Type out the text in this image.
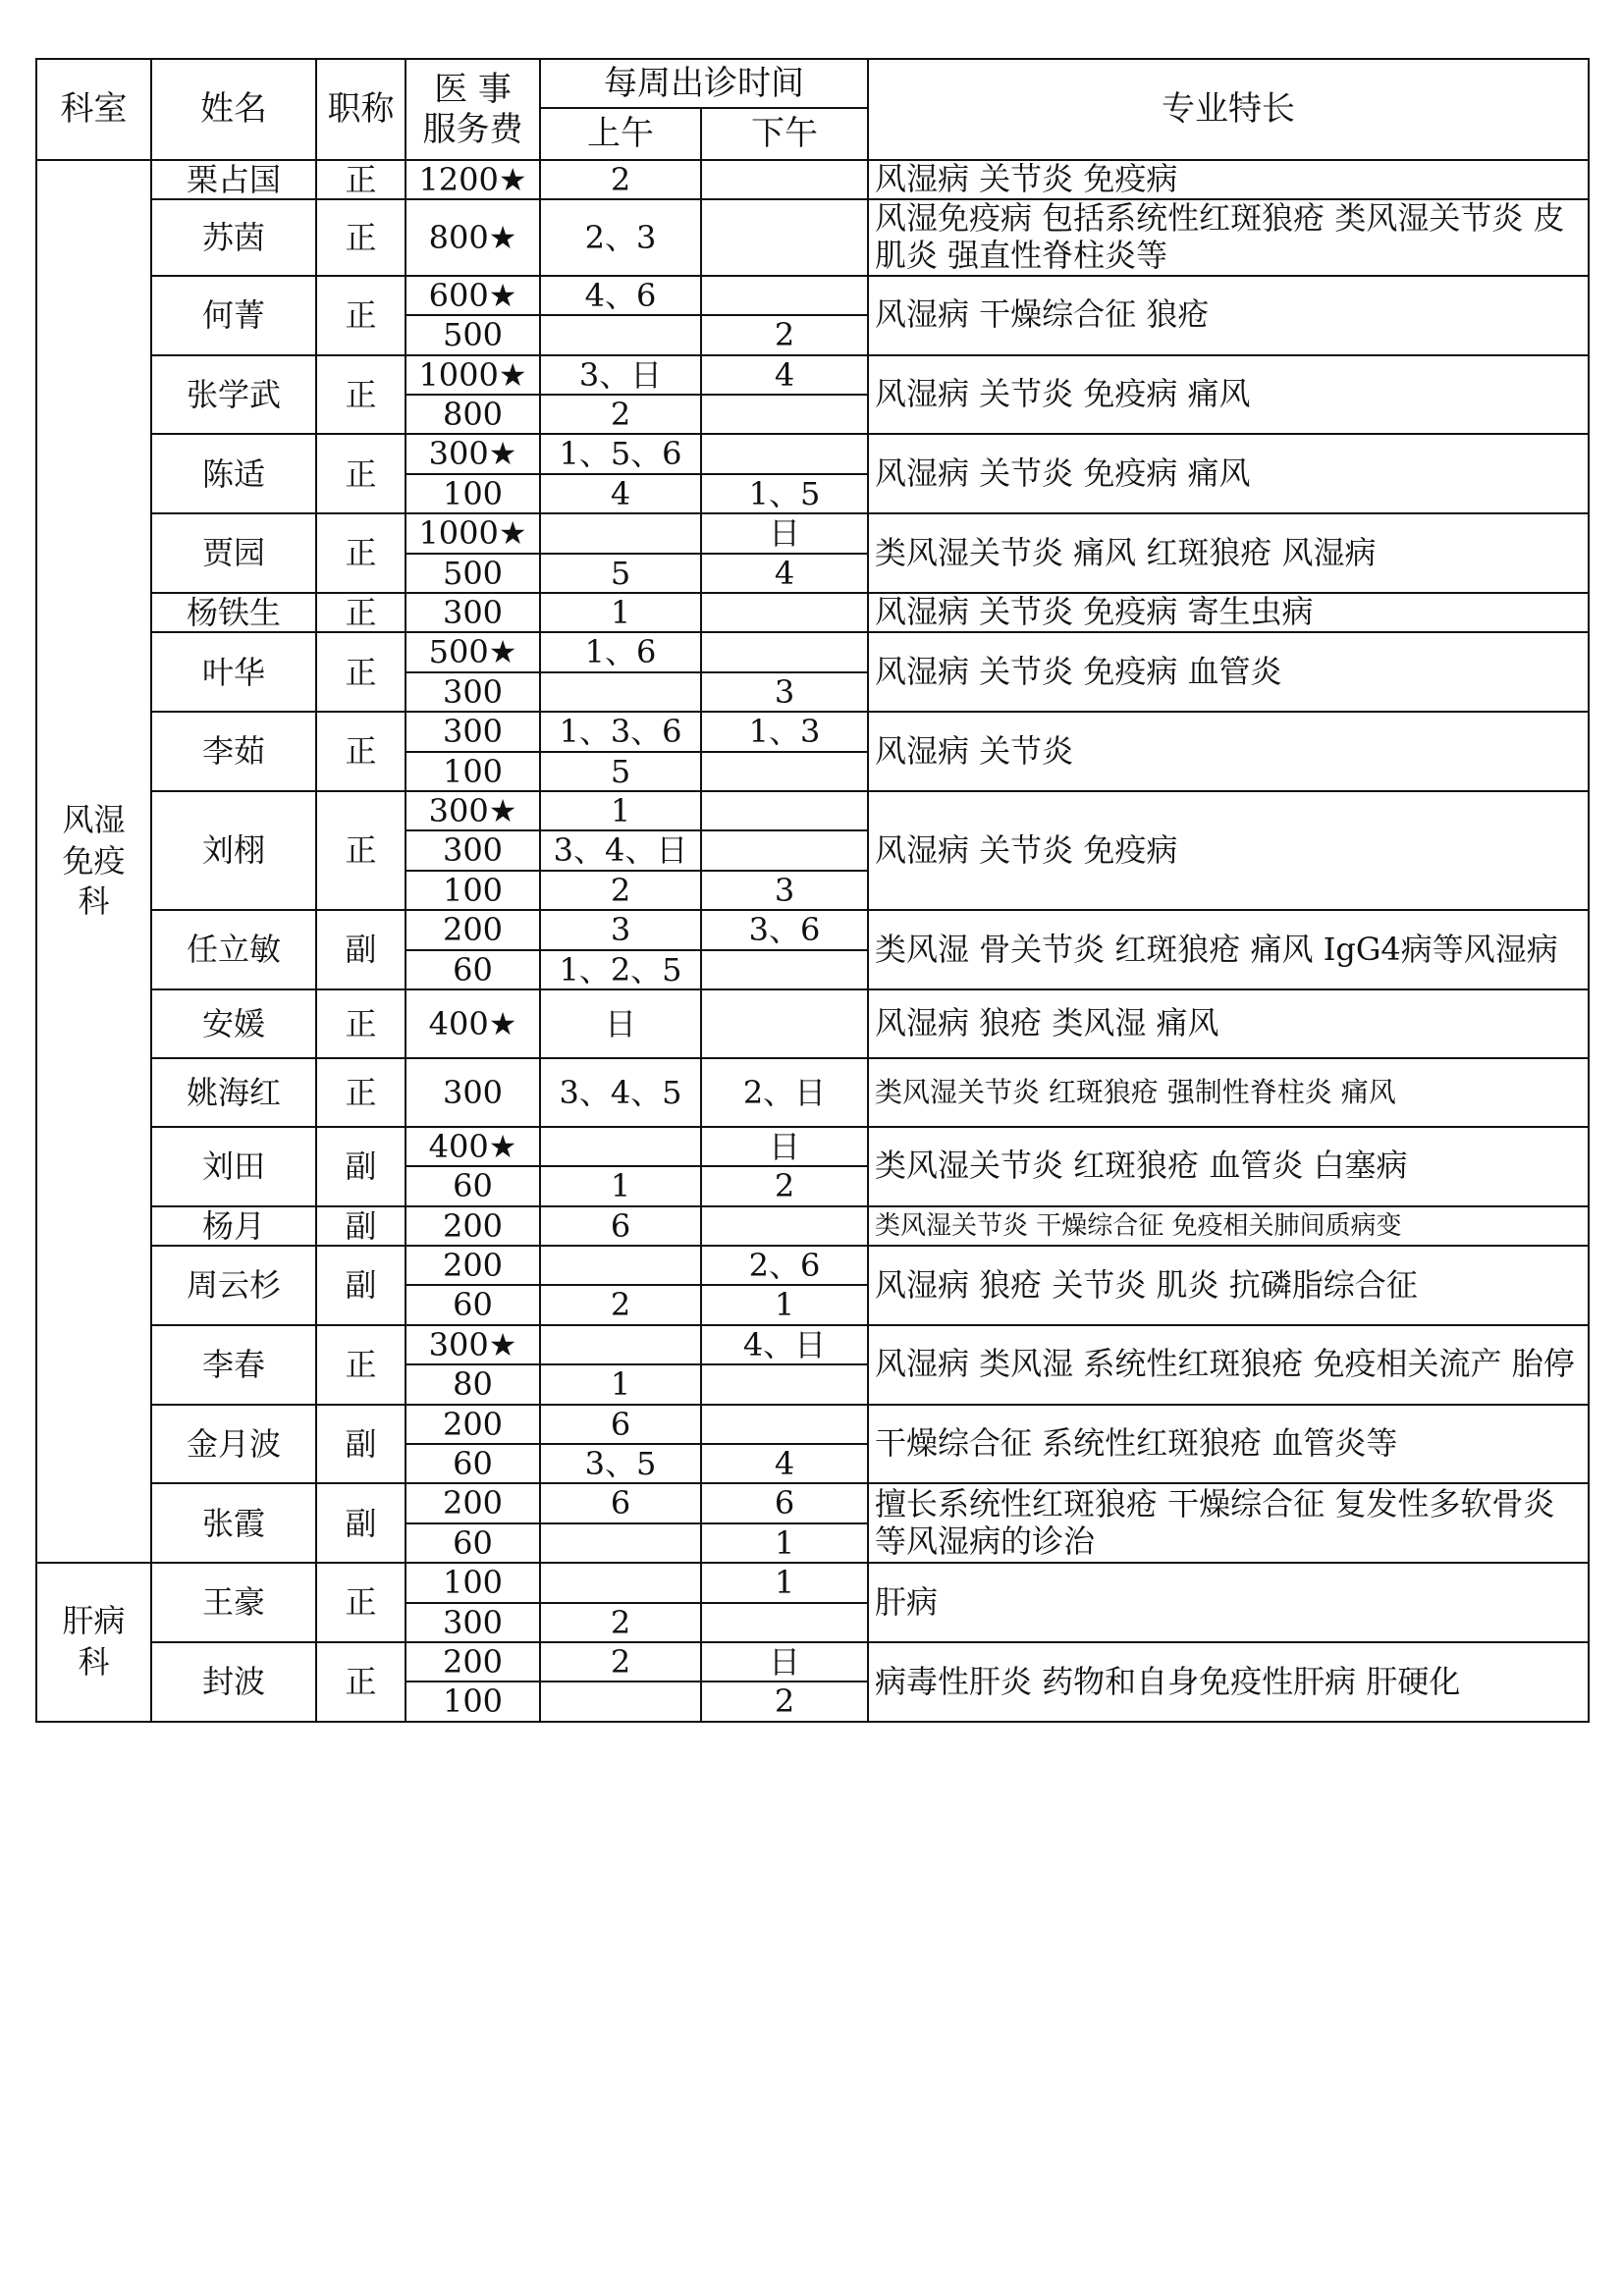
科室	姓名	职称	医 事
服务费	每周出诊时间		专业特长
				上午	下午	
风湿免疫科	栗占国	正	1200★	2		风湿病 关节炎 免疫病
	苏茵	正	800★	2、3		风湿免疫病 包括系统性红斑狼疮 类风湿关节炎 皮肌炎 强直性脊柱炎等
	何菁	正	600★	4、6		风湿病 干燥综合征 狼疮
			500		2	
	张学武	正	1000★	3、日	4	风湿病 关节炎 免疫病 痛风
			800	2		
	陈适	正	300★	1、5、6		风湿病 关节炎 免疫病 痛风
			100	4	1、5	
	贾园	正	1000★		日	类风湿关节炎 痛风 红斑狼疮 风湿病
			500	5	4	
	杨铁生	正	300	1		风湿病 关节炎 免疫病 寄生虫病
	叶华	正	500★	1、6		风湿病 关节炎 免疫病 血管炎
			300		3	
	李茹	正	300	1、3、6	1、3	风湿病 关节炎
			100	5		
	刘栩	正	300★	1		风湿病 关节炎 免疫病
			300	3、4、日		
			100	2	3	
	任立敏	副	200	3	3、6	类风湿 骨关节炎 红斑狼疮 痛风 IgG4病等风湿病
			60	1、2、5		
	安媛	正	400★	日		风湿病 狼疮 类风湿 痛风
	姚海红	正	300	3、4、5	2、日	类风湿关节炎 红斑狼疮 强制性脊柱炎 痛风
	刘田	副	400★		日	类风湿关节炎 红斑狼疮 血管炎 白塞病
			60	1	2	
	杨月	副	200	6		类风湿关节炎 干燥综合征 免疫相关肺间质病变
	周云杉	副	200		2、6	风湿病 狼疮 关节炎 肌炎 抗磷脂综合征
			60	2	1	
	李春	正	300★		4、日	风湿病 类风湿 系统性红斑狼疮 免疫相关流产 胎停
			80	1		
	金月波	副	200	6		干燥综合征 系统性红斑狼疮 血管炎等
			60	3、5	4	
	张霞	副	200	6	6	擅长系统性红斑狼疮 干燥综合征 复发性多软骨炎等风湿病的诊治
			60		1	
肝病科	王豪	正	100		1	肝病
			300	2		
	封波	正	200	2	日	病毒性肝炎 药物和自身免疫性肝病 肝硬化
			100		2	
